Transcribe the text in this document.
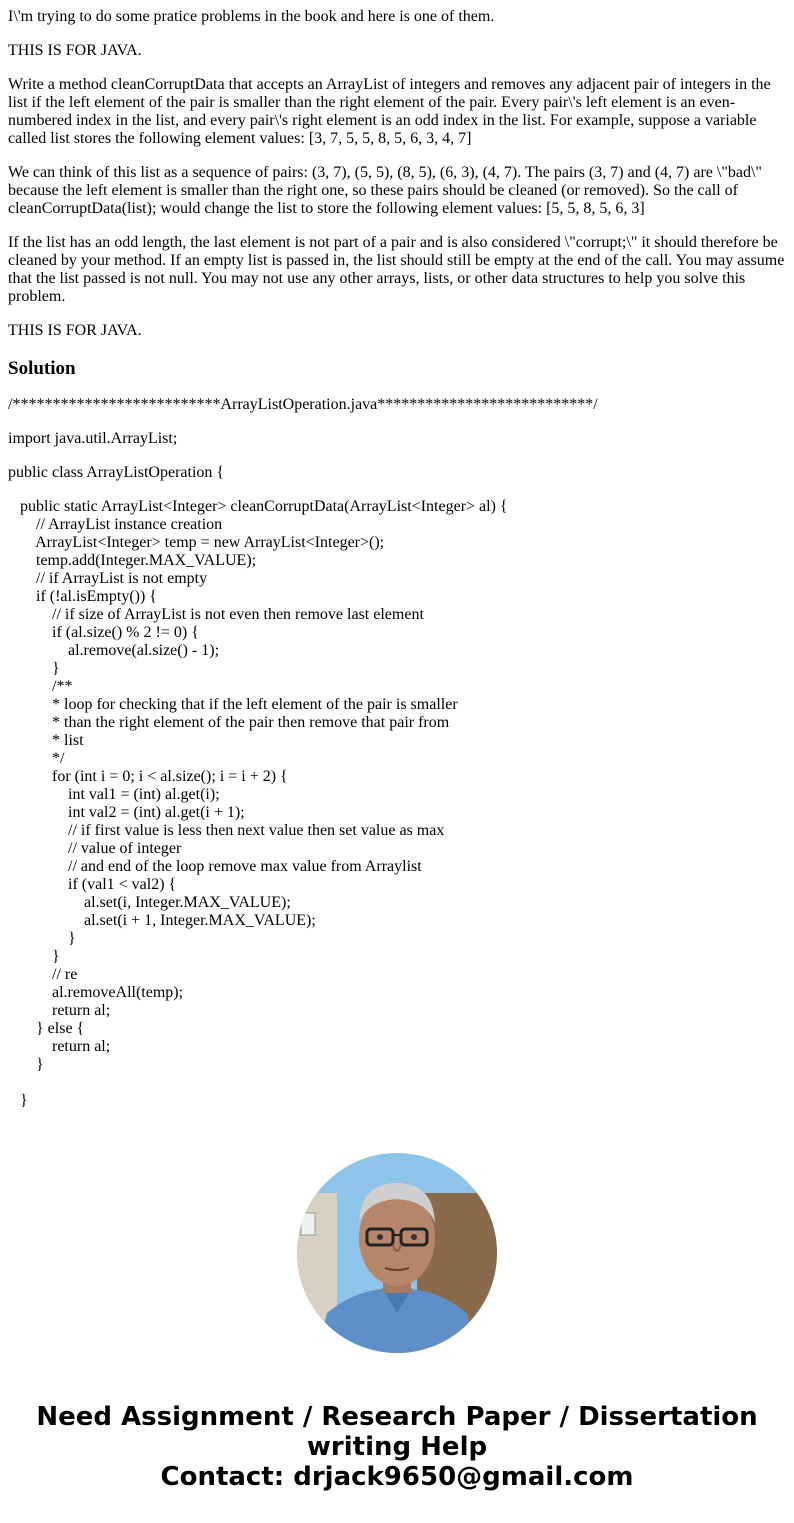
I\'m trying to do some pratice problems in the book and here is one of them.

THIS IS FOR JAVA.

Write a method cleanCorruptData that accepts an ArrayList of integers and removes any adjacent pair of integers in the list if the left element of the pair is smaller than the right element of the pair. Every pair\'s left element is an even-numbered index in the list, and every pair\'s right element is an odd index in the list. For example, suppose a variable called list stores the following element values: [3, 7, 5, 5, 8, 5, 6, 3, 4, 7]

We can think of this list as a sequence of pairs: (3, 7), (5, 5), (8, 5), (6, 3), (4, 7). The pairs (3, 7) and (4, 7) are \"bad\" because the left element is smaller than the right one, so these pairs should be cleaned (or removed). So the call of cleanCorruptData(list); would change the list to store the following element values: [5, 5, 8, 5, 6, 3]

If the list has an odd length, the last element is not part of a pair and is also considered \"corrupt;\" it should therefore be cleaned by your method. If an empty list is passed in, the list should still be empty at the end of the call. You may assume that the list passed is not null. You may not use any other arrays, lists, or other data structures to help you solve this problem.

THIS IS FOR JAVA.

Solution

/**************************ArrayListOperation.java***************************/

import java.util.ArrayList;

public class ArrayListOperation {

public static ArrayList<Integer> cleanCorruptData(ArrayList<Integer> al) {
// ArrayList instance creation
ArrayList<Integer> temp = new ArrayList<Integer>();
temp.add(Integer.MAX_VALUE);
// if ArrayList is not empty
if (!al.isEmpty()) {
// if size of ArrayList is not even then remove last element
if (al.size() % 2 != 0) {
al.remove(al.size() - 1);
}
/**
* loop for checking that if the left element of the pair is smaller
* than the right element of the pair then remove that pair from
* list
*/
for (int i = 0; i < al.size(); i = i + 2) {
int val1 = (int) al.get(i);
int val2 = (int) al.get(i + 1);
// if first value is less then next value then set value as max
// value of integer
// and end of the loop remove max value from Arraylist
if (val1 < val2) {
al.set(i, Integer.MAX_VALUE);
al.set(i + 1, Integer.MAX_VALUE);
}
}
// re
al.removeAll(temp);
return al;
} else {
return al;
}
}
Need Assignment / Research Paper / Dissertation
writing Help
Contact: drjack9650@gmail.com
